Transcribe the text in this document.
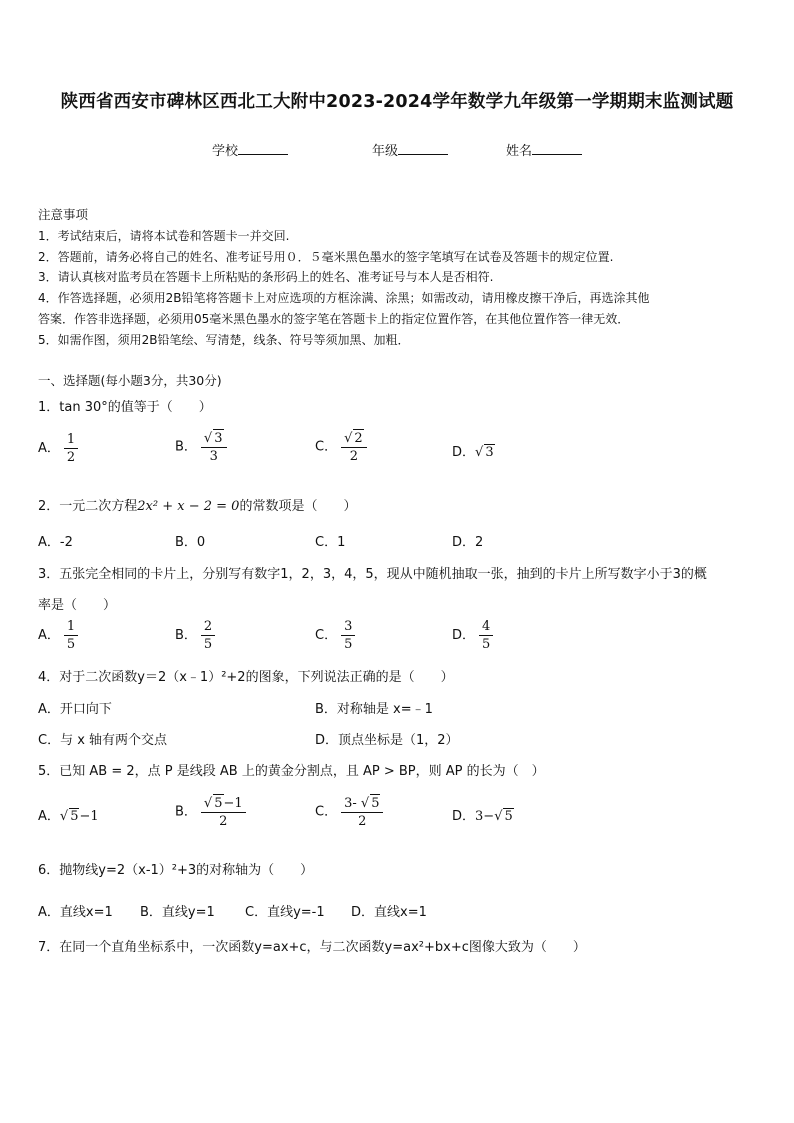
陕西省西安市碑林区西北工大附中2023-2024学年数学九年级第一学期期末监测试题
学校	年级	姓名
注意事项
1．考试结束后，请将本试卷和答题卡一并交回.
2．答题前，请务必将自己的姓名、准考证号用０．５毫米黑色墨水的签字笔填写在试卷及答题卡的规定位置.
3．请认真核对监考员在答题卡上所粘贴的条形码上的姓名、准考证号与本人是否相符.
4．作答选择题，必须用2B铅笔将答题卡上对应选项的方框涂满、涂黑；如需改动，请用橡皮擦干净后，再选涂其他
答案．作答非选择题，必须用05毫米黑色墨水的签字笔在答题卡上的指定位置作答，在其他位置作答一律无效．
5．如需作图，须用2B铅笔绘、写清楚，线条、符号等须加黑、加粗．
一、选择题(每小题3分，共30分)
1．tan 30°的值等于（　　）
A． $\frac{1}{2}$	B． $\frac{√ 3}{3}$	C． $\frac{√ 2}{2}$	D．√ 3
2．一元二次方程2x² + x − 2 = 0的常数项是（　　）
A．-2	B．0	C．1	D．2
3．五张完全相同的卡片上，分别写有数字1，2，3，4，5，现从中随机抽取一张，抽到的卡片上所写数字小于3的概
率是（　　）
A． $\frac{1}{5}$	B． $\frac{2}{5}$	C． $\frac{3}{5}$	D． $\frac{4}{5}$
4．对于二次函数y＝2（x﹣1）²+2的图象，下列说法正确的是（　　）
A．开口向下	B．对称轴是 x=﹣1
C．与 x 轴有两个交点	D．顶点坐标是（1，2）
5．已知 AB = 2，点 P 是线段 AB 上的黄金分割点，且 AP > BP，则 AP 的长为（　）
A．√ 5−1	B． $\frac{√ 5-1}{2}$	C． $\frac{3- √ 5}{2}$	D．3−√ 5
6．抛物线y=2（x-1）²+3的对称轴为（　　）
A．直线x=1 B．直线y=1 C．直线y=-1 D．直线x=1
7．在同一个直角坐标系中，一次函数y=ax+c，与二次函数y=ax²+bx+c图像大致为（　　）
